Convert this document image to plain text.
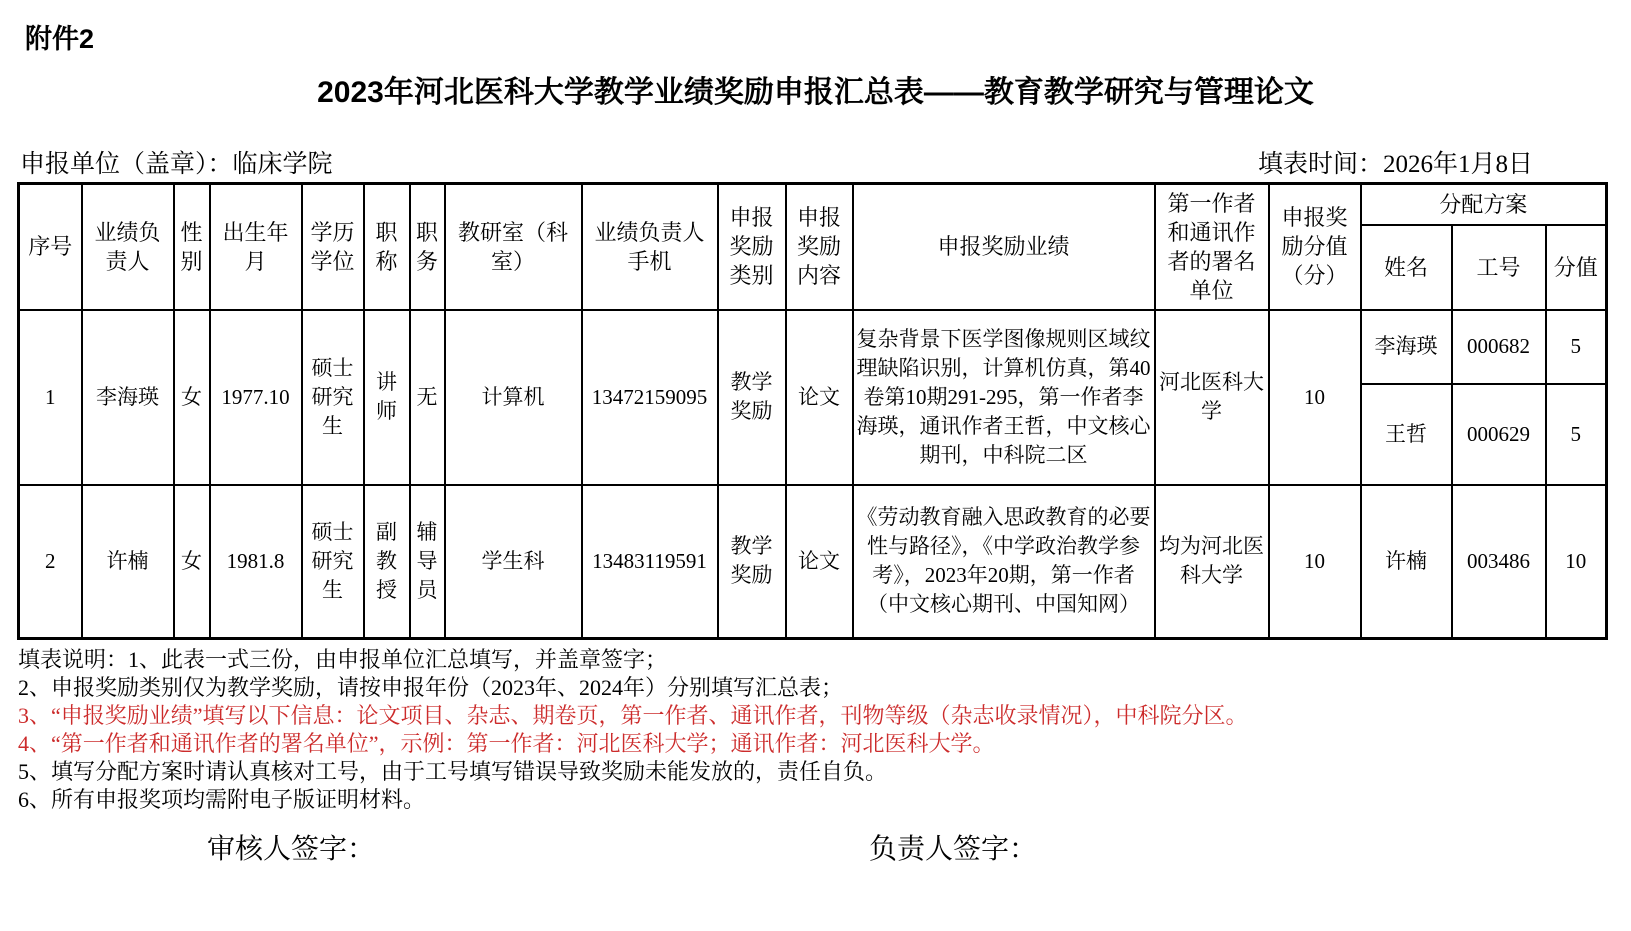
附件2
2023年河北医科大学教学业绩奖励申报汇总表——教育教学研究与管理论文
申报单位（盖章）：临床学院	填表时间：2026年1月8日
序号	业绩负责人	性别	出生年月	学历学位	职称	职务	教研室（科室）	业绩负责人手机	申报奖励类别	申报奖励内容	申报奖励业绩	第一作者和通讯作者的署名单位	申报奖励分值（分）	分配方案		
														姓名	工号	分值
1	李海瑛	女	1977.10	硕士研究生	讲师	无	计算机	13472159095	教学奖励	论文	复杂背景下医学图像规则区域纹理缺陷识别，计算机仿真，第40卷第10期291-295，第一作者李海瑛，通讯作者王哲，中文核心期刊，中科院二区	河北医科大学	10	李海瑛	000682	5
														王哲	000629	5
2	许楠	女	1981.8	硕士研究生	副教授	辅导员	学生科	13483119591	教学奖励	论文	《劳动教育融入思政教育的必要性与路径》，《中学政治教学参考》，2023年20期，第一作者（中文核心期刊、中国知网）	均为河北医科大学	10	许楠	003486	10
填表说明：1、此表一式三份，由申报单位汇总填写，并盖章签字；
2、申报奖励类别仅为教学奖励，请按申报年份（2023年、2024年）分别填写汇总表；
3、“申报奖励业绩”填写以下信息：论文项目、杂志、期卷页，第一作者、通讯作者，刊物等级（杂志收录情况），中科院分区。
4、“第一作者和通讯作者的署名单位”，示例：第一作者：河北医科大学；通讯作者：河北医科大学。
5、填写分配方案时请认真核对工号，由于工号填写错误导致奖励未能发放的，责任自负。
6、所有申报奖项均需附电子版证明材料。
审核人签字：	负责人签字：
